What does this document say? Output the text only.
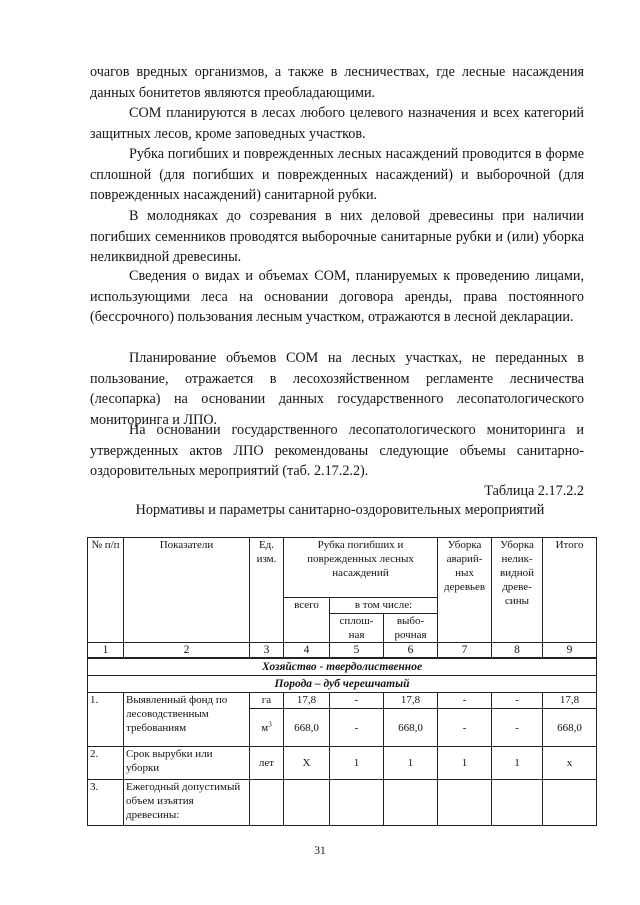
очагов вредных организмов, а также в лесничествах, где лесные насаждения данных бонитетов являются преобладающими.

СОМ планируются в лесах любого целевого назначения и всех категорий защитных лесов, кроме заповедных участков.

Рубка погибших и поврежденных лесных насаждений проводится в форме сплошной (для погибших и поврежденных насаждений) и выборочной (для поврежденных насаждений) санитарной рубки.

В молодняках до созревания в них деловой древесины при наличии погибших семенников проводятся выборочные санитарные рубки и (или) уборка неликвидной древесины.

Сведения о видах и объемах СОМ, планируемых к проведению лицами, использующими леса на основании договора аренды, права постоянного (бессрочного) пользования лесным участком, отражаются в лесной декларации.

Планирование объемов СОМ на лесных участках, не переданных в пользование, отражается в лесохозяйственном регламенте лесничества (лесопарка) на основании данных государственного лесопатологического мониторинга и ЛПО.

На основании государственного лесопатологического мониторинга и утвержденных актов ЛПО рекомендованы следующие объемы санитарно-оздоровительных мероприятий (таб. 2.17.2.2).

Таблица 2.17.2.2

Нормативы и параметры санитарно-оздоровительных мероприятий

№ п/п	Показатели	Ед. изм.	Рубка погибших и поврежденных лесных насаждений			Уборка аварий-ных деревьев	Уборка нелик-видной древе-сины	Итого
			всего	в том числе:				
				сплош-ная	выбо-рочная			
1	2	3	4	5	6	7	8	9
Хозяйство - твердолиственное								
Порода – дуб черешчатый								
1.	Выявленный фонд по лесоводственным требованиям	га	17,8	-	17,8	-	-	17,8
		$м^3$	668,0	-	668,0	-	-	668,0
2.	Срок вырубки или уборки	лет	Х	1	1	1	1	х
3.	Ежегодный допустимый объем изъятия древесины:							

31
